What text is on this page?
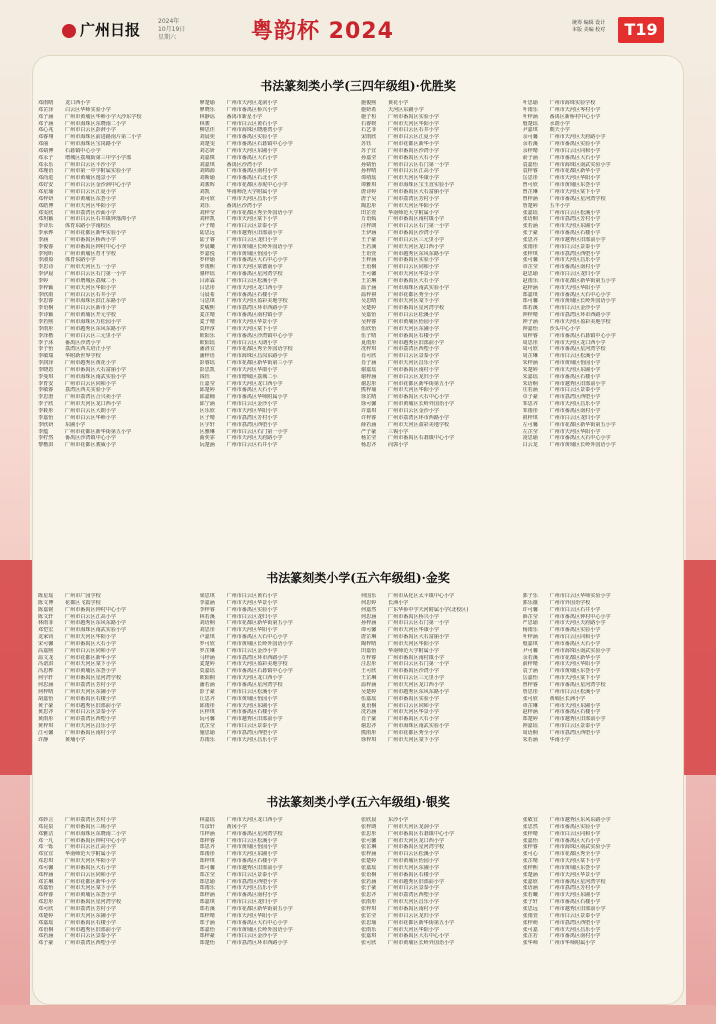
广州日报	2024年
10月19日
星期六	粤韵杯 2024	统筹 编辑 设计
本版 美编 校对	T19
书法篆刻类小学(三四年级组)·优胜奖
邓雨晴	龙口西小学
邓芷泽	白云区华师实验小学
邓子涵	广州市黄埔区华师小学大沙东学校
邓子涵	广州市海珠区东晓南二小学
邓心兆	广州市白云区彭湃小学
邓睿翔	广州市海珠区前进路南片第二小学
邓丽	广州市海珠区宝岗路小学
邓婧博	石碁镇中心小学
邓永子	增城区荔城街第三中学小学部
邓永乐	广州市白云区平沙小学
邓瑾语	广州市第一中学附属实验小学
邓尚进	广州市黄埔区逸景小学
邓好安	广州市白云区金沙洲中心小学
邓星瑜	广州市白云区江夏小学
邓梓妍	广州市黄埔区东荟小学
邓皓博	广州市天河区华阳小学
邓雯欣	广州市荔湾区沙面小学
邓玥颖	广州市白云区石井镇钟落潭小学
李诗乐	体育东路小学南校区
李承烨	广州市花都区新华实验小学
李涵	广州市番禺区桥西小学
李俊睿	广州市番禺区钟村中心小学
李宛昕	广州市黄埔区育才学校
李淑盈	体育东路小学
李思诗	广州市天河区五一小学
李伊晨	广州市白云区石门第一小学
李婷	广州市增城区荔城二小
李梓颖	广州市天河区华阳小学
李欣雨	广州市白云区石井小学
李思睿	广州市海珠区滨江东路小学
李语桐	广州市白云区新市小学
李诗颖	广州市黄埔区开元学校
李若熙	广州市海珠区万松园小学
李雨彤	广州市越秀区东风东路小学
李泽楷	广州市白云区三元里小学
李子沐	番禺区沙湾小学
李子怡	荔湾区西关培正小学
李敏瑞	华附新世界学校
李润泽	广州市越秀区黄花小学
李晓恩	广州市番禺区大石富丽小学
李曼琪	广州市海珠区南武实验小学
李育安	广州市白云区同和小学
李敏睿	荔湾区西关实验小学
李思澄	广州市荔湾区合兴苑小学
李子欣	广州市天河区龙口西小学
李筱彤	广州市白云区大朗小学
李嘉怡	广州市白云区华师小学
李欣妍	东圃小学
李蕴	广州市花都区新华街第五小学
李柠然	番禺区沙湾镇中心小学
黎楷淇	广州市花都区骏威小学
廖楚瑜	广州市天河区龙洞小学
廖晓乐	广州市番禺区桥兴小学
林静谣	番禺市新星小学
林骏	广州市白云区黄石小学
柳思佳	广州市海珠区晓港湾小学
刘晨奕	广州市番禺区实验小学
刘楚雯	广州市番禺区石碁镇中心小学
刘芯妍	广州市天河区东圃小学
刘嘉棋	广州市番禺区大石小学
刘嘉琪	番禺区沙湾小学
刘锦源	广州市番禺区南村小学
刘斯瑜	广州市番禺区石北小学
刘骏晖	广州市花都区赤坭中心小学
刘凯	华南师范大学附属小学
刘可欣	广州市天河区昌乐小学
刘乐	番禺区沙湾小学
刘梓莹	广州市花都区秀全外国语小学
刘梓凯	广州市天河区棠下小学
卢子晴	广州市白云区景泰小学
陆思远	广州市越秀区旧部前小学
陆子睿	广州市白云区龙归小学
罗晨曦	广州市黄埔区长岭外国语小学
罗嘉悦	广州市黄埔区怡园小学
罗梓瑜	广州市番禺区大石中心小学
罗雨熙	广州市天河区棠德南小学
骆梓瑶	广州市番禺区星河湾学校
吕沛霖	广州市白云区松溪小学
吕思彤	广州市天河区龙口西小学
马晨希	广州市番禺区石楼小学
马思琪	广州市天河区盈彩美地学校
麦峻熙	广州市荔湾区环市西路小学
麦芷晴	广州市番禺区南村镇小学
麦子晴	广州市天河区华景小学
莫梓淳	广州市天河区棠下小学
欧阳乐	广州市番禺区沙湾镇中心小学
欧阳瑶	广州市白云区大朗小学
潘洛宜	广州市花都区秀全外国语学校
潘梓语	广州市海珠区昌岗东路小学
彭睿瑶	广州市花都区新华街第三小学
彭思凯	广州市天河区华康小学
钱钰	广州市增城区荔城二小
丘嘉莹	广州市天河区龙口西小学
邱楚婷	广州市番禺区大石小学
邱嘉楠	广州市番禺区华师附属小学
邱宁涵	广州市白云区金沙小学
区乐欣	广州市天河区华阳小学
区子晴	广州市荔湾区芳村小学
区宇轩	广州市荔湾区西塱小学
区雅琳	广州市白云区石门第一小学
曲奕霏	广州市天河区天府路小学
阮楚涵	广州市白云区石井小学
施俊熙	黄花小学
施妍希	天河区东圃小学
施子桓	广州市番禺区实验小学
石睿媛	广州市天河区华阳小学
石艺菲	广州市白云区石井小学
宋雨欣	广州市白云区江夏小学
苏钰	广州市花都区新华小学
苏子宜	广州市番禺区沙湾小学
孙嘉莹	广州市番禺区大石小学
孙婧怡	广州市白云区石门第一小学
孙梓晴	广州市白云区江高小学
谭靖瑶	广州市天河区华康小学
谭雅琪	广州市海珠区宝玉直实验小学
唐诗婷	广州市番禺区大石富丽小学
唐子昊	广州市荔湾区芳村小学
陶思彤	广州市天河区华阳小学
田芷萱	华南师范大学附属小学
万语嫣	广州市番禺区南村镇小学
汪梓朗	广州市白云区石门第一小学
王伊涵	广州市番禺区沙湾小学
王子豪	广州市白云区三元里小学
王若溪	广州市天河区龙口西小学
王语萱	广州市越秀区东风东路小学
王梓涵	广州市番禺区实验小学
王语桐	广州市白云区同和小学
王可馨	广州市天河区华景小学
王芷琳	广州市番禺区大石小学
温子涵	广州市海珠区南武实验小学
温梓祺	广州市花都区秀全小学
吴思晴	广州市天河区棠下小学
吴楚婷	广州市番禺区星河湾学校
吴嘉怡	广州市白云区松溪小学
吴梓睿	广州市黄埔区怡园小学
伍欣怡	广州市天河区东圃小学
伍子晴	广州市番禺区石楼小学
夏雨彤	广州市越秀区旧部前小学
冼梓琪	广州市荔湾区西塱小学
肖可欣	广州市白云区景泰小学
肖子涵	广州市天河区昌乐小学
谢嘉瑶	广州市番禺区南村小学
谢梓涵	广州市白云区龙归小学
谢思彤	广州市花都区新华街第五小学
熊梓瑜	广州市天河区华阳小学
徐芷晴	广州市番禺区大石中心小学
徐可馨	广州市黄埔区长岭外国语小学
许嘉琪	广州市白云区金沙小学
许梓睿	广州市荔湾区环市西路小学
薛若涵	广州市天河区盈彩美地学校
严子豪	三锡小学
杨芷莹	广州市番禺区石碁镇中心小学
杨思齐	向郭小学
叶思瑜	广州市海珠实验学校
叶雨乐	广州市天河区岑村小学
叶梓涵	番禺区新桥村中心小学
殷楚瑶	水荫小学
尹嘉琪	朝天小学
余可馨	广州市天河区天府路小学
余若溪	广州市番禺区实验小学
余梓晴	广州市白云区同和小学
俞子涵	广州市番禺区大石小学
袁嘉怡	广州市海珠区南武实验小学
袁梓睿	广州市花都区新华小学
岳思彤	广州市天河区华阳小学
曾可欣	广州市黄埔区东荟小学
曾芷琳	广州市天河区棠下小学
曾梓涵	广州市番禺区星河湾学校
詹楚婷	五羊小学
张嘉瑶	广州市白云区松溪小学
张语桐	广州市荔湾区芳村小学
张若涵	广州市天河区东圃小学
张子豪	广州市番禺区石楼小学
张思齐	广州市越秀区旧部前小学
张雨彤	广州市白云区景泰小学
张梓琪	广州市荔湾区西塱小学
张可馨	广州市天河区昌乐小学
章芷莹	广州市番禺区南村小学
赵思瑜	广州市白云区龙归小学
赵雨乐	广州市花都区新华街第五小学
赵梓涵	广州市天河区华阳小学
郑嘉琪	广州市番禺区大石中心小学
郑可馨	广州市黄埔区长岭外国语小学
郑若溪	广州市白云区金沙小学
钟梓晴	广州市荔湾区环市西路小学
钟子涵	广州市天河区盈彩美地学校
钟嘉怡	沙头中心小学
周梓睿	广州市番禺区石碁镇中心小学
周思彤	广州市天河区龙口西小学
周可欣	广州市番禺区星河湾学校
周芷琳	广州市白云区松溪小学
朱梓涵	广州市黄埔区怡园小学
朱楚婷	广州市天河区东圃小学
朱嘉瑶	广州市番禺区石楼小学
朱语桐	广州市越秀区旧部前小学
庄若涵	广州市白云区景泰小学
卓子豪	广州市荔湾区西塱小学
邹思齐	广州市天河区昌乐小学
邹雨彤	广州市番禺区南村小学
祖梓琪	广州市白云区龙归小学
左可馨	广州市花都区新华街第五小学
左芷莹	广州市天河区华阳小学
凌思瑜	广州市番禺区大石中心小学
白云龙	广州市黄埔区长岭外国语小学
书法篆刻类小学(五六年级组)·金奖
陈星瑶	广州市广园学校
陈文博	花都区飞霞学校
陈嘉铭	广州市番禺区钟村中心小学
陈文轩	广州市白云区江高小学
林雨菲	广州市越秀区东风东路小学
邓恺宏	广州市海珠区南武实验小学
龙家钊	广州市天河区华阳小学
宋可馨	广州市番禺区大石小学
高嘉熙	广州市白云区同和小学
温文龙	广州市花都区新华小学
冯诺淇	广州市天河区棠下小学
冯思桦	广州市黄埔区东荟小学
何宇轩	广州市番禺区星河湾学校
何思涵	广州市荔湾区芳村小学
何梓晴	广州市天河区东圃小学
胡嘉怡	广州市番禺区石楼小学
黄子豪	广州市越秀区旧部前小学
黄思齐	广州市白云区景泰小学
黄雨彤	广州市荔湾区西塱小学
黄梓琪	广州市天河区昌乐小学
江可馨	广州市番禺区南村小学
许静	黄埔小学
梁思琪	广州市白云区黄石小学
李嘉涵	广州市天河区华景小学
李梓睿	广州市番禺区实验小学
林若溪	广州市白云区龙归小学
刘语桐	广州市花都区新华街第五小学
刘思彤	广州市天河区华阳小学
卢嘉琪	广州市番禺区大石中心小学
罗可欣	广州市黄埔区长岭外国语小学
罗芷琳	广州市白云区金沙小学
马梓涵	广州市荔湾区环市西路小学
麦楚婷	广州市天河区盈彩美地学校
莫嘉瑶	广州市番禺区石碁镇中心小学
欧阳桐	广州市天河区龙口西小学
潘若涵	广州市番禺区星河湾学校
彭子豪	广州市白云区松溪小学
丘思齐	广州市黄埔区怡园小学
邱雨彤	广州市天河区东圃小学
区梓琪	广州市番禺区石楼小学
阮可馨	广州市越秀区旧部前小学
沈芷莹	广州市白云区景泰小学
施思瑜	广州市荔湾区西塱小学
苏雨乐	广州市天河区昌乐小学
何国乐	广州市从化区太平镇中心小学
何思婷	长洲小学
何嘉然	广东华侨中学天河附属小学(北校区)
何思涵	广州市番禺区桥兴小学
孙梓涵	广州市白云区石门第一小学
谭可馨	广州市天河区华康小学
唐芷琳	广州市番禺区大石富丽小学
陶梓晴	广州市天河区华阳小学
田嘉怡	华南师范大学附属小学
万梓睿	广州市番禺区南村镇小学
汪思彤	广州市白云区石门第一小学
王可欣	广州市番禺区沙湾小学
王芷琳	广州市白云区三元里小学
温梓涵	广州市天河区龙口西小学
吴楚婷	广州市越秀区东风东路小学
伍嘉瑶	广州市番禺区实验小学
夏语桐	广州市白云区同和小学
冼若涵	广州市天河区华景小学
肖子豪	广州市番禺区大石小学
谢思齐	广州市海珠区南武实验小学
熊雨彤	广州市花都区秀全小学
徐梓琪	广州市天河区棠下小学
郭子乐	广州市白云区华师实验小学
郭乐薇	广州市外国语学校
许可馨	广州市白云区石井小学
薛芷莹	广州市番禺区钟村中心小学
严思瑜	广州市天河区天府路小学
杨雨乐	广州市番禺区实验小学
叶梓涵	广州市白云区同和小学
殷嘉琪	广州市番禺区大石小学
尹可馨	广州市海珠区南武实验小学
余若溪	广州市花都区新华小学
俞梓晴	广州市天河区华阳小学
袁子涵	广州市黄埔区东荟小学
岳嘉怡	广州市天河区棠下小学
曾梓睿	广州市番禺区星河湾学校
詹思彤	广州市白云区松溪小学
张可欣	黄埔区长洲小学
章芷琳	广州市天河区东圃小学
赵梓涵	广州市番禺区石楼小学
郑楚婷	广州市越秀区旧部前小学
钟嘉瑶	广州市白云区景泰小学
周语桐	广州市荔湾区西塱小学
朱若涵	华南小学
书法篆刻类小学(五六年级组)·银奖
邓妙言	广州市荔湾区芳村小学
邓昆泉	广州市番禺区三锡小学
邓雅洁	广州市海珠区东晓南二小学
邓一凡	广州市番禺区钟村中心小学
邓一铄	广州市白云区江高小学
邓宜宜	华南师范大学附属小学
邓思琪	广州市天河区华阳小学
邓可馨	广州市番禺区大石小学
邓梓涵	广州市白云区同和小学
邓芷琳	广州市花都区新华小学
邓嘉怡	广州市天河区棠下小学
邓梓睿	广州市黄埔区东荟小学
邓思彤	广州市番禺区星河湾学校
邓可欣	广州市荔湾区芳村小学
邓楚婷	广州市天河区东圃小学
邓嘉瑶	广州市番禺区石楼小学
邓语桐	广州市越秀区旧部前小学
邓若涵	广州市白云区景泰小学
邓子豪	广州市荔湾区西塱小学
林嘉瑶	广州市天河区龙口西小学
邝彦轩	黄冈小学
邝梓涵	广州市番禺区星河湾学校
郑梓睿	广州市白云区松溪小学
郑思齐	广州市黄埔区怡园小学
郑雨彤	广州市天河区东圃小学
郑梓琪	广州市番禺区石楼小学
郑可馨	广州市越秀区旧部前小学
郑芷莹	广州市白云区景泰小学
郑思瑜	广州市荔湾区西塱小学
郑雨乐	广州市天河区昌乐小学
郑梓涵	广州市番禺区南村小学
郑嘉琪	广州市白云区龙归小学
郑若溪	广州市花都区新华街第五小学
郑梓晴	广州市天河区华阳小学
郑子涵	广州市番禺区大石中心小学
郑嘉怡	广州市黄埔区长岭外国语小学
郑梓豪	广州市白云区金沙小学
郑楚怡	广州市荔湾区环市西路小学
张欣晨	东沙小学
张梓朗	广州市天河区龙洞小学
张思彤	广州市番禺区石碁镇中心小学
张可馨	广州市天河区龙口西小学
张芷琳	广州市番禺区星河湾学校
张梓涵	广州市白云区松溪小学
张楚婷	广州市黄埔区怡园小学
张嘉瑶	广州市天河区东圃小学
张语桐	广州市番禺区石楼小学
张若涵	广州市越秀区旧部前小学
张子豪	广州市白云区景泰小学
张思齐	广州市荔湾区西塱小学
张雨彤	广州市天河区昌乐小学
张梓琪	广州市番禺区南村小学
张芷莹	广州市白云区龙归小学
张思瑜	广州市花都区新华街第五小学
张雨乐	广州市天河区华阳小学
张嘉琪	广州市番禺区大石中心小学
张可欣	广州市黄埔区长岭外国语小学
张敏宜	广州市越秀区东风东路小学
张思然	广州市番禺区实验小学
张梓晴	广州市白云区同和小学
张嘉怡	广州市番禺区大石小学
张梓睿	广州市海珠区南武实验小学
张可心	广州市花都区秀全小学
张芷晴	广州市天河区棠下小学
张梓熙	广州市黄埔区东荟小学
张楚涵	广州市天河区华景小学
张嘉欣	广州市番禺区星河湾学校
张语涵	广州市荔湾区芳村小学
张若曦	广州市天河区东圃小学
张子轩	广州市番禺区石楼小学
张思远	广州市越秀区旧部前小学
张雨萱	广州市白云区景泰小学
张梓萌	广州市荔湾区西塱小学
张可嘉	广州市天河区昌乐小学
张芷若	广州市番禺区南村小学
张华师	广州市华师附属小学
